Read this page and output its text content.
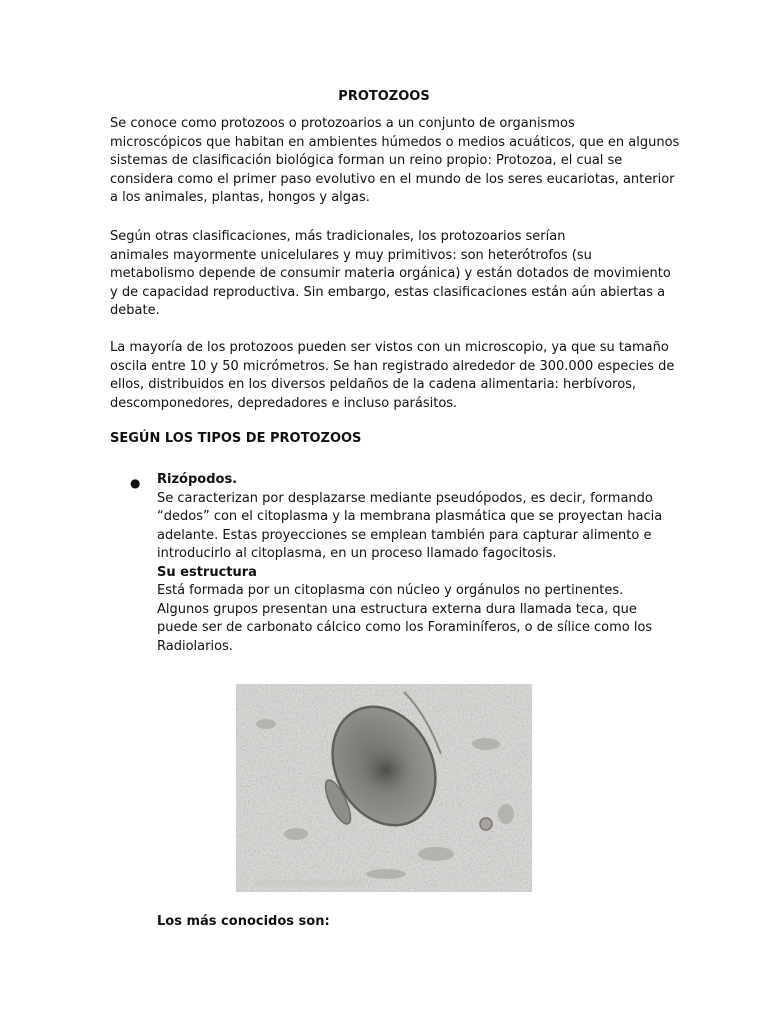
PROTOZOOS

Se conoce como protozoos o protozoarios a un conjunto de organismos
microscópicos que habitan en ambientes húmedos o medios acuáticos, que en algunos
sistemas de clasificación biológica forman un reino propio: Protozoa, el cual se
considera como el primer paso evolutivo en el mundo de los seres eucariotas, anterior
a los animales, plantas, hongos y algas.

Según otras clasificaciones, más tradicionales, los protozoarios serían
animales mayormente unicelulares y muy primitivos: son heterótrofos (su
metabolismo depende de consumir materia orgánica) y están dotados de movimiento
y de capacidad reproductiva. Sin embargo, estas clasificaciones están aún abiertas a
debate.

La mayoría de los protozoos pueden ser vistos con un microscopio, ya que su tamaño
oscila entre 10 y 50 micrómetros. Se han registrado alrededor de 300.000 especies de
ellos, distribuidos en los diversos peldaños de la cadena alimentaria: herbívoros,
descomponedores, depredadores e incluso parásitos.

SEGÚN LOS TIPOS DE PROTOZOOS

● Rizópodos.
Se caracterizan por desplazarse mediante pseudópodos, es decir, formando
“dedos” con el citoplasma y la membrana plasmática que se proyectan hacia
adelante. Estas proyecciones se emplean también para capturar alimento e
introducirlo al citoplasma, en un proceso llamado fagocitosis.
Su estructura
Está formada por un citoplasma con núcleo y orgánulos no pertinentes.
Algunos grupos presentan una estructura externa dura llamada teca, que
puede ser de carbonato cálcico como los Foraminíferos, o de sílice como los
Radiolarios.

Los más conocidos son:
